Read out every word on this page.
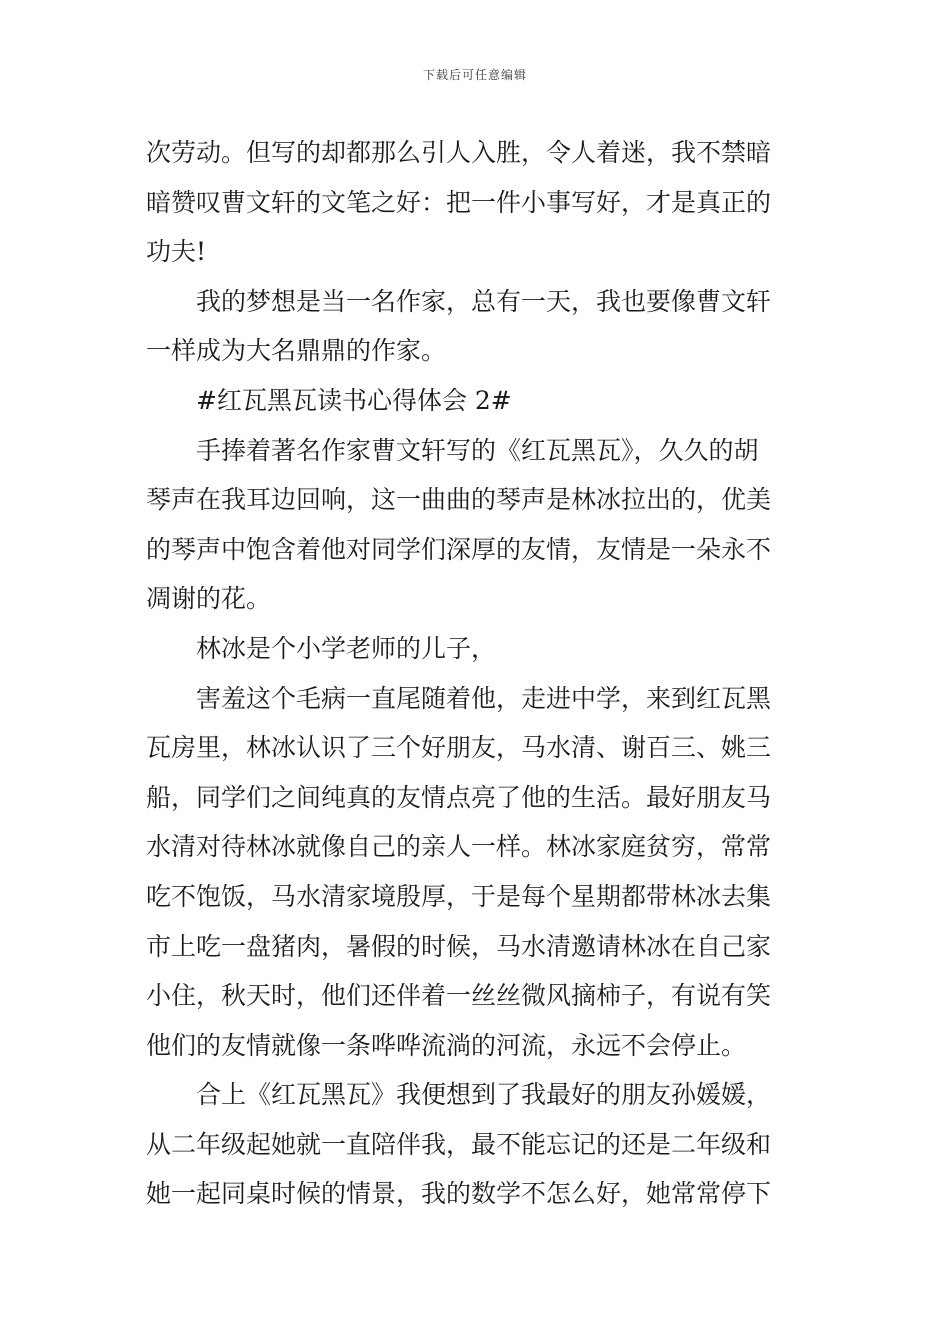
下载后可任意编辑
次劳动。但写的却都那么引人入胜，令人着迷，我不禁暗
暗赞叹曹文轩的文笔之好：把一件小事写好，才是真正的
功夫!
我的梦想是当一名作家，总有一天，我也要像曹文轩
一样成为大名鼎鼎的作家。
#红瓦黑瓦读书心得体会 2#
手捧着著名作家曹文轩写的《红瓦黑瓦》，久久的胡
琴声在我耳边回响，这一曲曲的琴声是林冰拉出的，优美
的琴声中饱含着他对同学们深厚的友情，友情是一朵永不
凋谢的花。
林冰是个小学老师的儿子，
害羞这个毛病一直尾随着他，走进中学，来到红瓦黑
瓦房里，林冰认识了三个好朋友，马水清、谢百三、姚三
船，同学们之间纯真的友情点亮了他的生活。最好朋友马
水清对待林冰就像自己的亲人一样。林冰家庭贫穷，常常
吃不饱饭，马水清家境殷厚，于是每个星期都带林冰去集
市上吃一盘猪肉，暑假的时候，马水清邀请林冰在自己家
小住，秋天时，他们还伴着一丝丝微风摘柿子，有说有笑
他们的友情就像一条哗哗流淌的河流，永远不会停止。
合上《红瓦黑瓦》我便想到了我最好的朋友孙媛媛，
从二年级起她就一直陪伴我，最不能忘记的还是二年级和
她一起同桌时候的情景，我的数学不怎么好，她常常停下
